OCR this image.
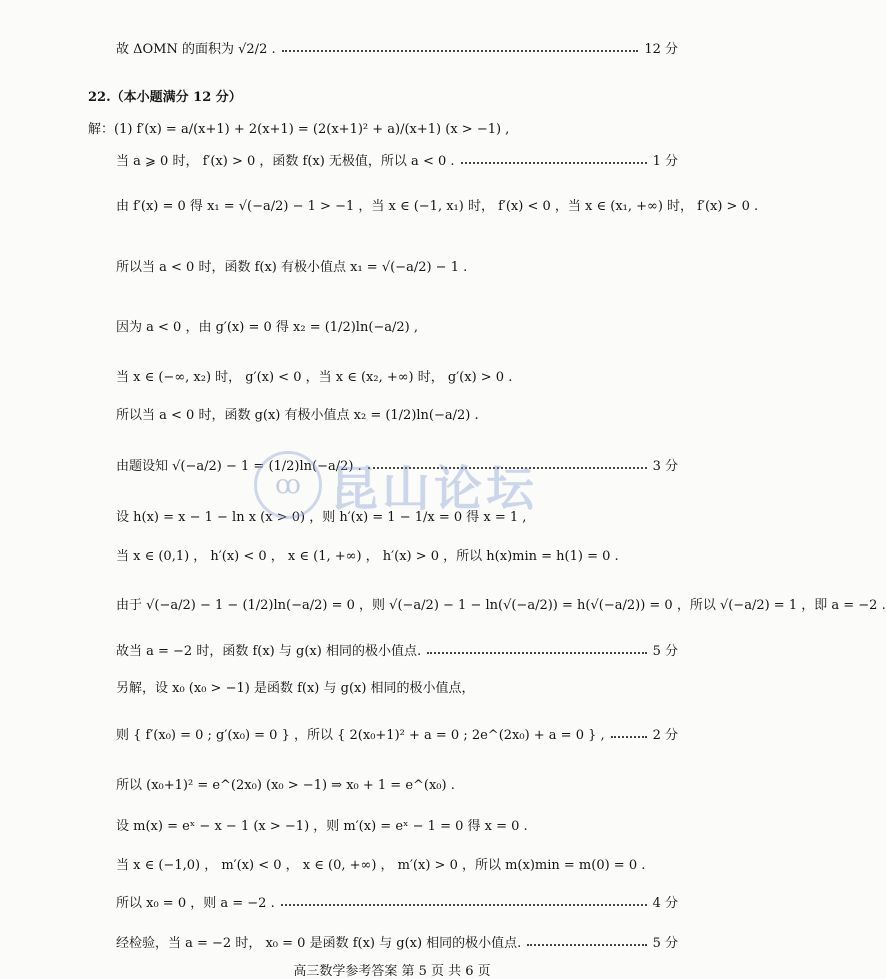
故 ΔOMN 的面积为 √2/2 .	12 分
22.（本小题满分 12 分）
解：(1) f′(x) = a/(x+1) + 2(x+1) = (2(x+1)² + a)/(x+1) (x > −1) ,
当 a ⩾ 0 时， f′(x) > 0 ，函数 f(x) 无极值，所以 a < 0 .	1 分
由 f′(x) = 0 得 x₁ = √(−a/2) − 1 > −1 ，当 x ∈ (−1, x₁) 时， f′(x) < 0 ，当 x ∈ (x₁, +∞) 时， f′(x) > 0 .
所以当 a < 0 时，函数 f(x) 有极小值点 x₁ = √(−a/2) − 1 .
因为 a < 0 ，由 g′(x) = 0 得 x₂ = (1/2)ln(−a/2) ,
当 x ∈ (−∞, x₂) 时， g′(x) < 0 ，当 x ∈ (x₂, +∞) 时， g′(x) > 0 .
所以当 a < 0 时，函数 g(x) 有极小值点 x₂ = (1/2)ln(−a/2) .
由题设知 √(−a/2) − 1 = (1/2)ln(−a/2) .	3 分
设 h(x) = x − 1 − ln x (x > 0) ，则 h′(x) = 1 − 1/x = 0 得 x = 1 ,
当 x ∈ (0,1) ， h′(x) < 0 ， x ∈ (1, +∞) ， h′(x) > 0 ，所以 h(x)min = h(1) = 0 .
由于 √(−a/2) − 1 − (1/2)ln(−a/2) = 0 ，则 √(−a/2) − 1 − ln(√(−a/2)) = h(√(−a/2)) = 0 ，所以 √(−a/2) = 1 ，即 a = −2 .
故当 a = −2 时，函数 f(x) 与 g(x) 相同的极小值点.	5 分
另解，设 x₀ (x₀ > −1) 是函数 f(x) 与 g(x) 相同的极小值点，
则 { f′(x₀) = 0 ; g′(x₀) = 0 } ，所以 { 2(x₀+1)² + a = 0 ; 2e^(2x₀) + a = 0 } ,	2 分
所以 (x₀+1)² = e^(2x₀) (x₀ > −1) ⇒ x₀ + 1 = e^(x₀) .
设 m(x) = eˣ − x − 1 (x > −1) ，则 m′(x) = eˣ − 1 = 0 得 x = 0 .
当 x ∈ (−1,0) ， m′(x) < 0 ， x ∈ (0, +∞) ， m′(x) > 0 ，所以 m(x)min = m(0) = 0 .
所以 x₀ = 0 ，则 a = −2 .	4 分
经检验，当 a = −2 时， x₀ = 0 是函数 f(x) 与 g(x) 相同的极小值点.	5 分
ꝏ 昆山论坛
高三数学参考答案 第 5 页 共 6 页
